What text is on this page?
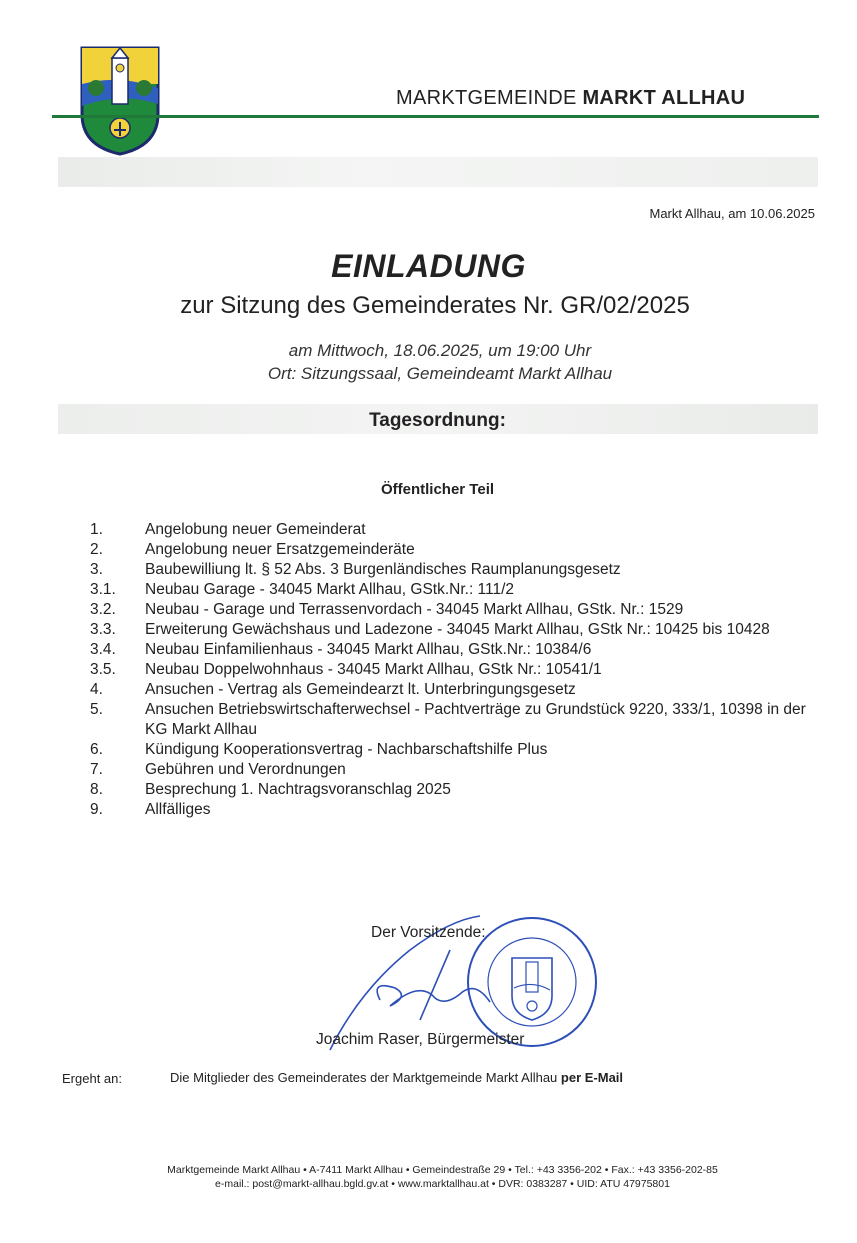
MARKTGEMEINDE MARKT ALLHAU
Markt Allhau, am 10.06.2025
EINLADUNG
zur Sitzung des Gemeinderates Nr. GR/02/2025
am Mittwoch, 18.06.2025, um 19:00 Uhr
Ort: Sitzungssaal, Gemeindeamt Markt Allhau
Tagesordnung:
Öffentlicher Teil
1.	Angelobung neuer Gemeinderat
2.	Angelobung neuer Ersatzgemeinderäte
3.	Baubewilliung lt. § 52 Abs. 3 Burgenländisches Raumplanungsgesetz
3.1.	Neubau Garage - 34045 Markt Allhau, GStk.Nr.: 111/2
3.2.	Neubau - Garage und Terrassenvordach - 34045 Markt Allhau, GStk. Nr.: 1529
3.3.	Erweiterung Gewächshaus und Ladezone - 34045 Markt Allhau, GStk Nr.: 10425 bis 10428
3.4.	Neubau Einfamilienhaus - 34045 Markt Allhau, GStk.Nr.: 10384/6
3.5.	Neubau Doppelwohnhaus - 34045 Markt Allhau, GStk Nr.: 10541/1
4.	Ansuchen - Vertrag als Gemeindearzt lt. Unterbringungsgesetz
5.	Ansuchen Betriebswirtschafterwechsel - Pachtverträge zu Grundstück 9220, 333/1, 10398 in der KG Markt Allhau
6.	Kündigung Kooperationsvertrag - Nachbarschaftshilfe Plus
7.	Gebühren und Verordnungen
8.	Besprechung 1. Nachtragsvoranschlag 2025
9.	Allfälliges
Der Vorsitzende:
Joachim Raser, Bürgermeister
Ergeht an:	Die Mitglieder des Gemeinderates der Marktgemeinde Markt Allhau per E-Mail
Marktgemeinde Markt Allhau • A-7411 Markt Allhau • Gemeindestraße 29 • Tel.: +43 3356-202 • Fax.: +43 3356-202-85
e-mail.: post@markt-allhau.bgld.gv.at • www.marktallhau.at • DVR: 0383287 • UID: ATU 47975801
